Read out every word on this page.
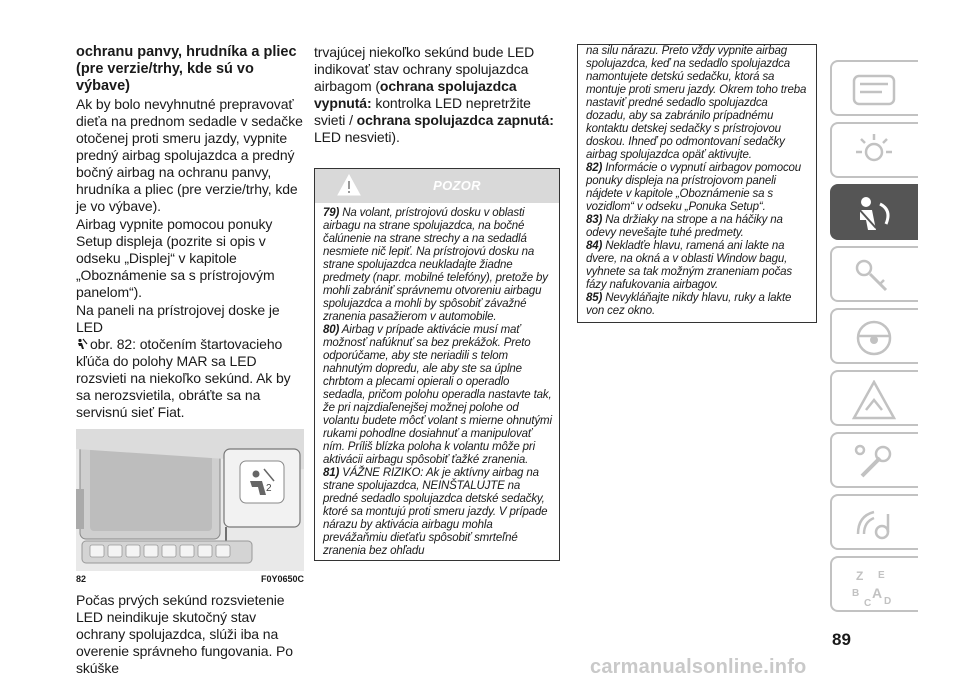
ochranu panvy, hrudníka a pliec (pre verzie/trhy, kde sú vo výbave)

Ak by bolo nevyhnutné prepravovať dieťa na prednom sedadle v sedačke otočenej proti smeru jazdy, vypnite predný airbag spolujazdca a predný bočný airbag na ochranu panvy, hrudníka a pliec (pre verzie/trhy, kde je vo výbave).

Airbag vypnite pomocou ponuky Setup displeja (pozrite si opis v odseku „Displej“ v kapitole „Oboznámenie sa s prístrojovým panelom“).

Na paneli na prístrojovej doske je LED
obr. 82: otočením štartovacieho kľúča do polohy MAR sa LED rozsvieti na niekoľko sekúnd. Ak by sa nerozsvietila, obráťte sa na servisnú sieť Fiat.

2
82	F0Y0650C

Počas prvých sekúnd rozsvietenie LED neindikuje skutočný stav ochrany spolujazdca, slúži iba na overenie správneho fungovania. Po skúške

trvajúcej niekoľko sekúnd bude LED indikovať stav ochrany spolujazdca airbagom (ochrana spolujazdca vypnutá: kontrolka LED nepretržite svieti / ochrana spolujazdca zapnutá: LED nesvieti).

POZOR

79) Na volant, prístrojovú dosku v oblasti airbagu na strane spolujazdca, na bočné čalúnenie na strane strechy a na sedadlá nesmiete nič lepiť. Na prístrojovú dosku na strane spolujazdca neukladajte žiadne predmety (napr. mobilné telefóny), pretože by mohli zabrániť správnemu otvoreniu airbagu spolujazdca a mohli by spôsobiť závažné zranenia pasažierom v automobile.

80) Airbag v prípade aktivácie musí mať možnosť nafúknuť sa bez prekážok. Preto odporúčame, aby ste neriadili s telom nahnutým dopredu, ale aby ste sa úplne chrbtom a plecami opierali o operadlo sedadla, pričom polohu operadla nastavte tak, že pri najzdiaľenejšej možnej polohe od volantu budete môcť volant s mierne ohnutými rukami pohodlne dosiahnuť a manipulovať ním. Príliš blízka poloha k volantu môže pri aktivácii airbagu spôsobiť ťažké zranenia.

81) VÁŽNE RIZIKO: Ak je aktívny airbag na strane spolujazdca, NEINŠTALUJTE na predné sedadlo spolujazdca detské sedačky, ktoré sa montujú proti smeru jazdy. V prípade nárazu by aktivácia airbagu mohla prevážaňmiu dieťaťu spôsobiť smrteľné zranenia bez ohľadu

na silu nárazu. Preto vždy vypnite airbag spolujazdca, keď na sedadlo spolujazdca namontujete detskú sedačku, ktorá sa montuje proti smeru jazdy. Okrem toho treba nastaviť predné sedadlo spolujazdca dozadu, aby sa zabránilo prípadnému kontaktu detskej sedačky s prístrojovou doskou. Ihneď po odmontovaní sedačky airbag spolujazdca opäť aktivujte.

82) Informácie o vypnutí airbagov pomocou ponuky displeja na prístrojovom paneli nájdete v kapitole „Oboznámenie sa s vozidlom“ v odseku „Ponuka Setup“.

83) Na držiaky na strope a na háčiky na odevy nevešajte tuhé predmety.

84) Nekladťe hlavu, ramená ani lakte na dvere, na okná a v oblasti Window bagu, vyhnete sa tak možným zraneniam počas fázy nafukovania airbagov.

85) Nevykláňajte nikdy hlavu, ruky a lakte von cez okno.

Z E
B A
C D
89
carmanualsonline.info
